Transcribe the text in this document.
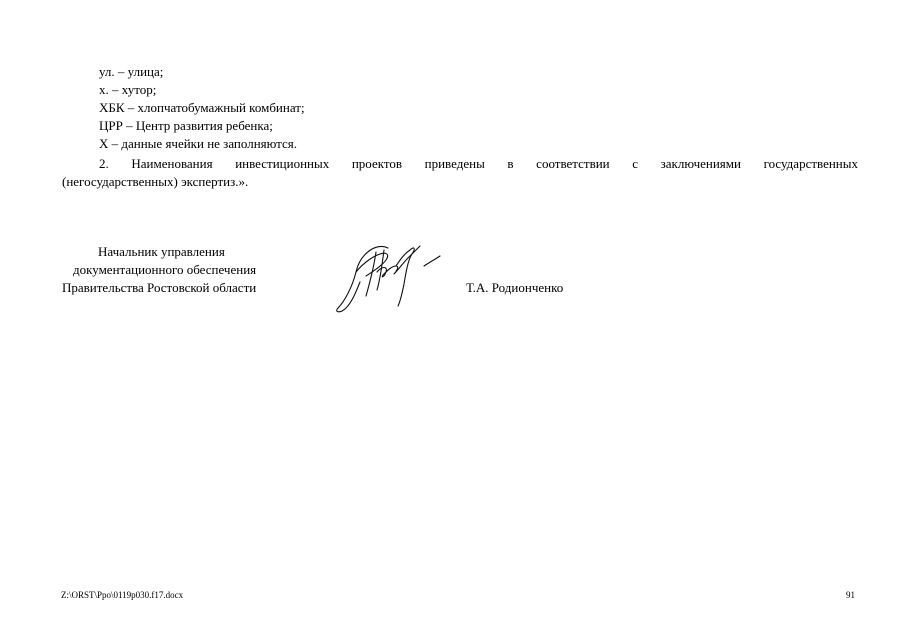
ул. – улица;
х. – хутор;
ХБК – хлопчатобумажный комбинат;
ЦРР – Центр развития ребенка;
Х – данные ячейки не заполняются.
2. Наименования инвестиционных проектов приведены в соответствии с заключениями государственных
(негосударственных) экспертиз.».
Начальник управления
документационного обеспечения
Правительства Ростовской области	Т.А. Родионченко
Z:\ORST\Ppo\0119p030.f17.docx	91
